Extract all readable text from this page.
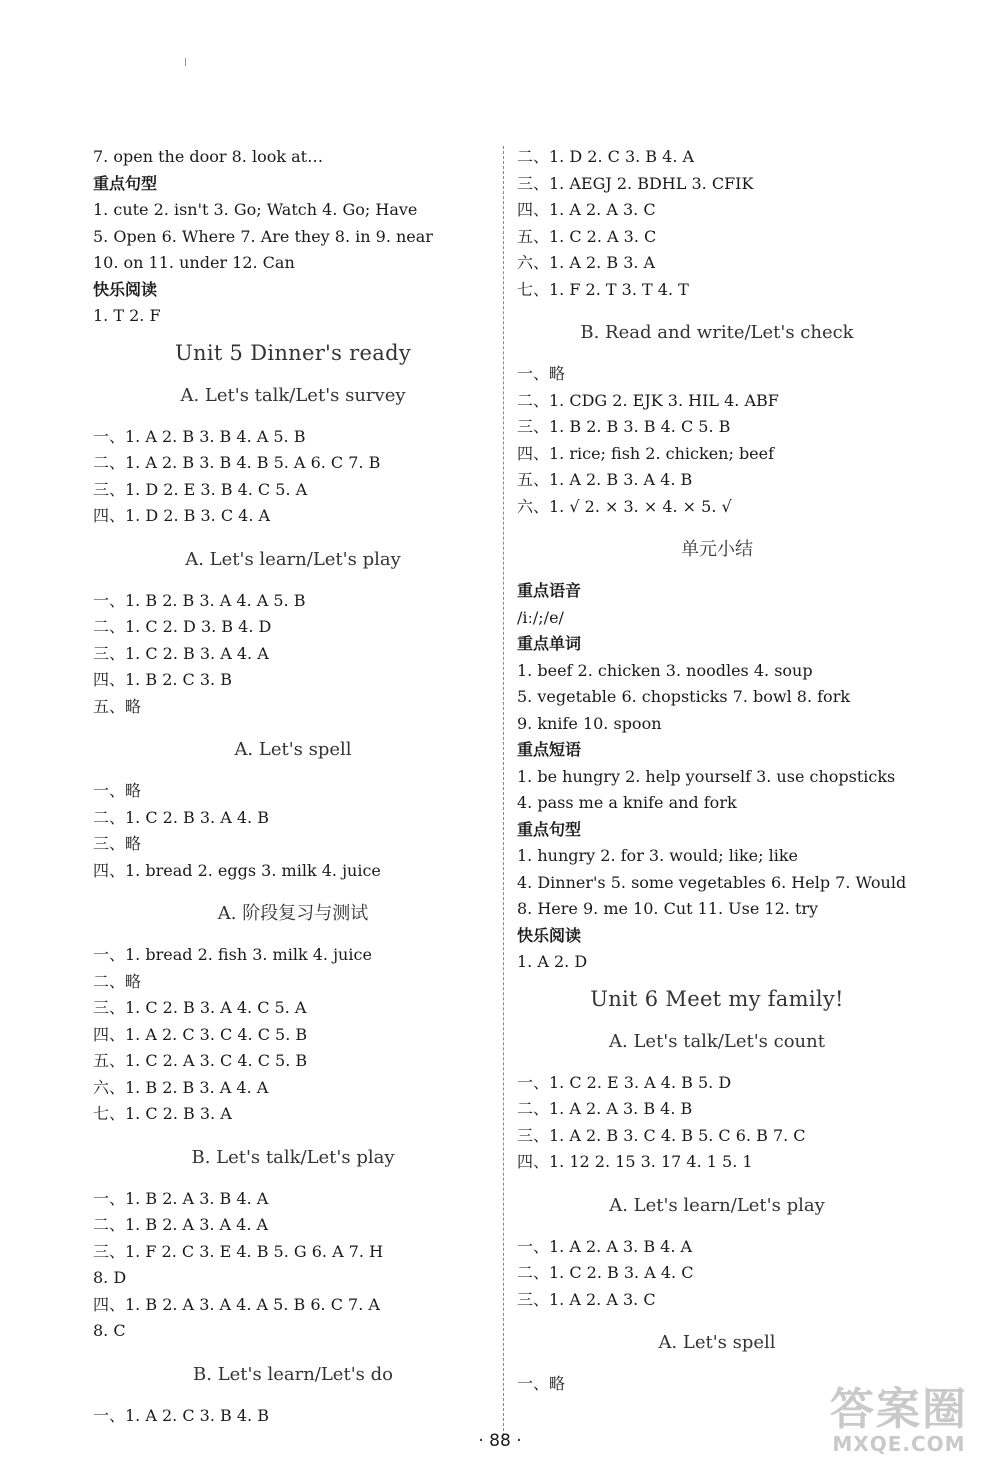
7. open the door 8. look at…
重点句型
1. cute 2. isn't 3. Go; Watch 4. Go; Have
5. Open 6. Where 7. Are they 8. in 9. near
10. on 11. under 12. Can
快乐阅读
1. T 2. F
Unit 5 Dinner's ready
A. Let's talk/Let's survey
一、1. A 2. B 3. B 4. A 5. B
二、1. A 2. B 3. B 4. B 5. A 6. C 7. B
三、1. D 2. E 3. B 4. C 5. A
四、1. D 2. B 3. C 4. A
A. Let's learn/Let's play
一、1. B 2. B 3. A 4. A 5. B
二、1. C 2. D 3. B 4. D
三、1. C 2. B 3. A 4. A
四、1. B 2. C 3. B
五、略
A. Let's spell
一、略
二、1. C 2. B 3. A 4. B
三、略
四、1. bread 2. eggs 3. milk 4. juice
A. 阶段复习与测试
一、1. bread 2. fish 3. milk 4. juice
二、略
三、1. C 2. B 3. A 4. C 5. A
四、1. A 2. C 3. C 4. C 5. B
五、1. C 2. A 3. C 4. C 5. B
六、1. B 2. B 3. A 4. A
七、1. C 2. B 3. A
B. Let's talk/Let's play
一、1. B 2. A 3. B 4. A
二、1. B 2. A 3. A 4. A
三、1. F 2. C 3. E 4. B 5. G 6. A 7. H
8. D
四、1. B 2. A 3. A 4. A 5. B 6. C 7. A
8. C
B. Let's learn/Let's do
一、1. A 2. C 3. B 4. B
二、1. D 2. C 3. B 4. A
三、1. AEGJ 2. BDHL 3. CFIK
四、1. A 2. A 3. C
五、1. C 2. A 3. C
六、1. A 2. B 3. A
七、1. F 2. T 3. T 4. T
B. Read and write/Let's check
一、略
二、1. CDG 2. EJK 3. HIL 4. ABF
三、1. B 2. B 3. B 4. C 5. B
四、1. rice; fish 2. chicken; beef
五、1. A 2. B 3. A 4. B
六、1. √ 2. × 3. × 4. × 5. √
单元小结
重点语音
/iː/;/e/
重点单词
1. beef 2. chicken 3. noodles 4. soup
5. vegetable 6. chopsticks 7. bowl 8. fork
9. knife 10. spoon
重点短语
1. be hungry 2. help yourself 3. use chopsticks
4. pass me a knife and fork
重点句型
1. hungry 2. for 3. would; like; like
4. Dinner's 5. some vegetables 6. Help 7. Would
8. Here 9. me 10. Cut 11. Use 12. try
快乐阅读
1. A 2. D
Unit 6 Meet my family!
A. Let's talk/Let's count
一、1. C 2. E 3. A 4. B 5. D
二、1. A 2. A 3. B 4. B
三、1. A 2. B 3. C 4. B 5. C 6. B 7. C
四、1. 12 2. 15 3. 17 4. 1 5. 1
A. Let's learn/Let's play
一、1. A 2. A 3. B 4. A
二、1. C 2. B 3. A 4. C
三、1. A 2. A 3. C
A. Let's spell
一、略
· 88 ·
答案圈
MXQE.COM
